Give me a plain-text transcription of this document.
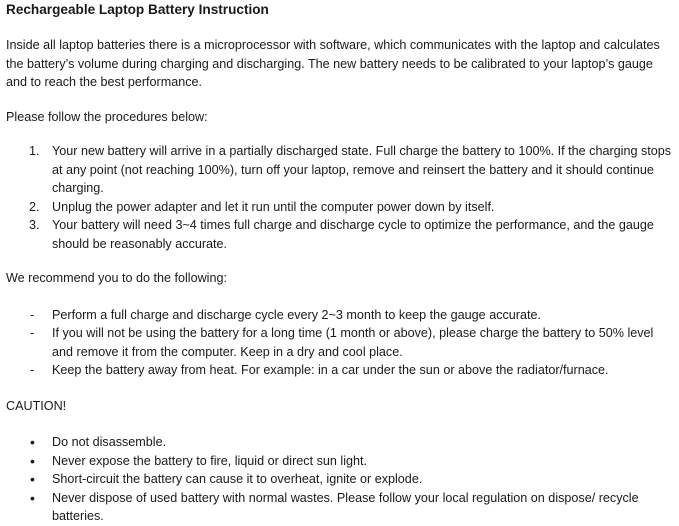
Rechargeable Laptop Battery Instruction

Inside all laptop batteries there is a microprocessor with software, which communicates with the laptop and calculates the battery’s volume during charging and discharging. The new battery needs to be calibrated to your laptop’s gauge and to reach the best performance.

Please follow the procedures below:

1. Your new battery will arrive in a partially discharged state. Full charge the battery to 100%. If the charging stops at any point (not reaching 100%), turn off your laptop, remove and reinsert the battery and it should continue charging.
2. Unplug the power adapter and let it run until the computer power down by itself.
3. Your battery will need 3~4 times full charge and discharge cycle to optimize the performance, and the gauge should be reasonably accurate.

We recommend you to do the following:

- Perform a full charge and discharge cycle every 2~3 month to keep the gauge accurate.
- If you will not be using the battery for a long time (1 month or above), please charge the battery to 50% level and remove it from the computer. Keep in a dry and cool place.
- Keep the battery away from heat. For example: in a car under the sun or above the radiator/furnace.

CAUTION!

• Do not disassemble.
• Never expose the battery to fire, liquid or direct sun light.
• Short-circuit the battery can cause it to overheat, ignite or explode.
• Never dispose of used battery with normal wastes. Please follow your local regulation on dispose/ recycle batteries.
